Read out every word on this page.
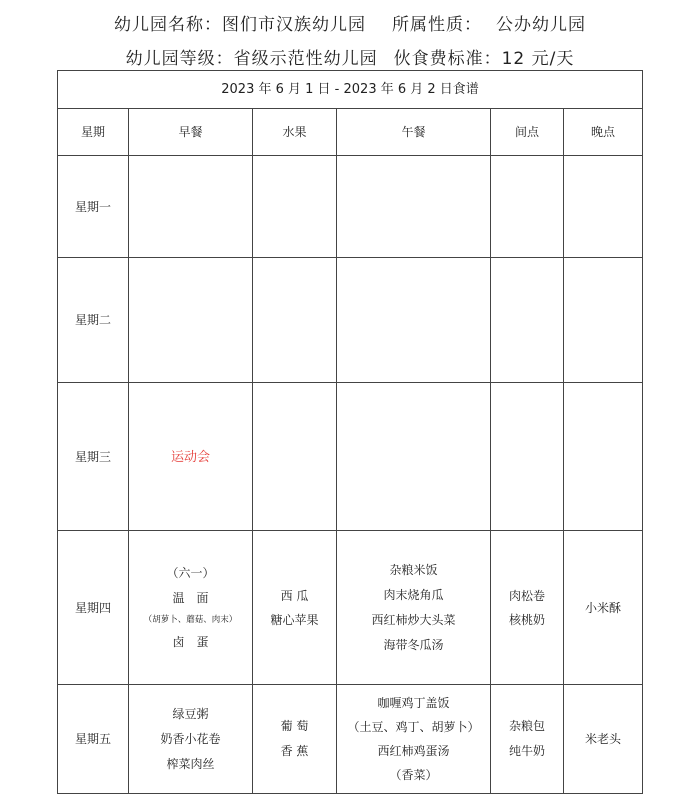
幼儿园名称：图们市汉族幼儿园 所属性质： 公办幼儿园
幼儿园等级：省级示范性幼儿园 伙食费标准：12 元/天
2023 年 6 月 1 日 - 2023 年 6 月 2 日食谱					
星期	早餐	水果	午餐	间点	晚点
星期一					
星期二					
星期三	运动会				

星期四	（六一）
温　面
（胡萝卜、蘑菇、肉末）
卤　蛋	西 瓜
糖心苹果	杂粮米饭
肉末烧角瓜
西红柿炒大头菜
海带冬瓜汤	肉松卷
核桃奶	小米酥
星期五	绿豆粥
奶香小花卷
榨菜肉丝	葡 萄
香 蕉	咖喱鸡丁盖饭
（土豆、鸡丁、胡萝卜）
西红柿鸡蛋汤
（香菜）	杂粮包
纯牛奶	米老头
